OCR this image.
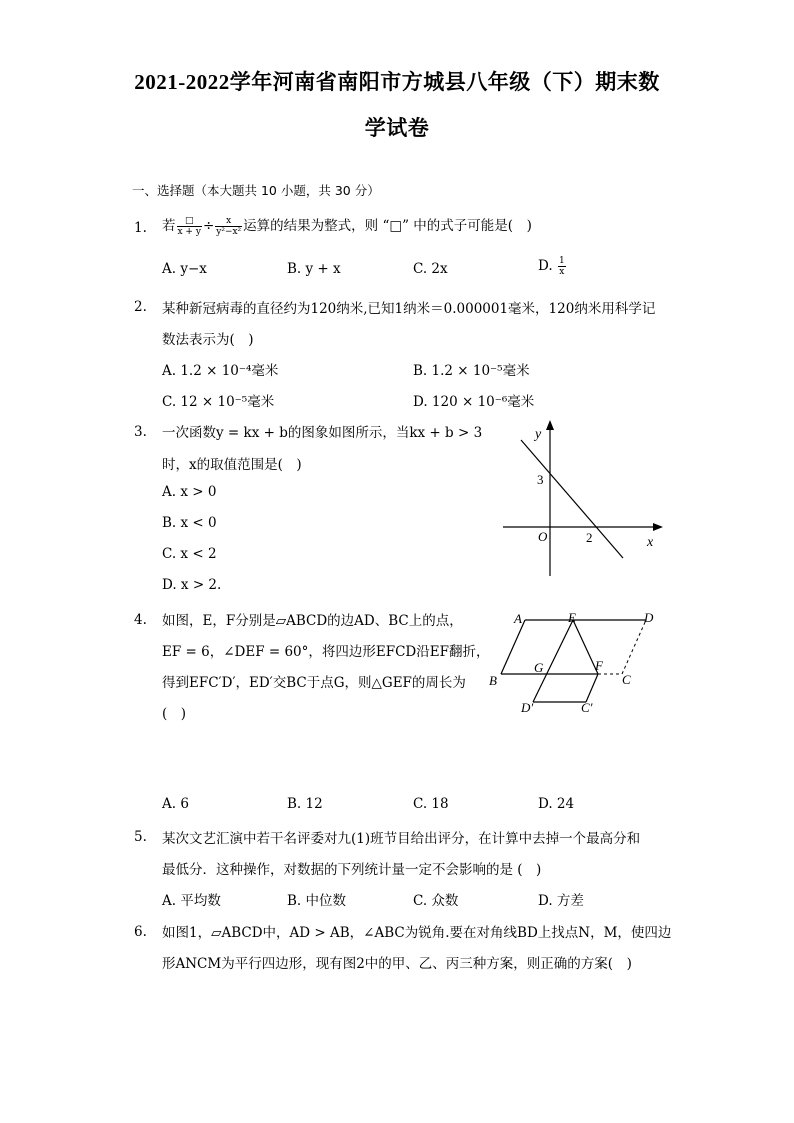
2021-2022学年河南省南阳市方城县八年级（下）期末数
学试卷
一、选择题（本大题共 10 小题，共 30 分）
1. 若 $\frac{□}{x + y} \div \frac{x}{\text{y²−x²}}$ 运算的结果为整式，则 “□” 中的式子可能是(　)
A. y−x	B. y + x	C. 2x	D. $\frac{1}{x}$
2. 某种新冠病毒的直径约为120纳米,已知1纳米＝0.000001毫米，120纳米用科学记
数法表示为(　)
A. 1.2 × 10⁻⁴毫米	B. 1.2 × 10⁻⁵毫米
C. 12 × 10⁻⁵毫米	D. 120 × 10⁻⁶毫米
3. 一次函数y = kx + b的图象如图所示，当kx + b > 3
时，x的取值范围是(　)
A. x > 0
B. x < 0
C. x < 2
D. x > 2.
y
x
O
3
2
4. 如图，E，F分别是▱ABCD的边AD、BC上的点，
EF = 6，∠DEF = 60°，将四边形EFCD沿EF翻折，
得到EFC′D′，ED′交BC于点G，则△GEF的周长为
(　)
A	E	D
G	F
B	C
D′	C′
A. 6	B. 12	C. 18	D. 24
5. 某次文艺汇演中若干名评委对九(1)班节目给出评分，在计算中去掉一个最高分和
最低分．这种操作，对数据的下列统计量一定不会影响的是 (　)
A. 平均数	B. 中位数	C. 众数	D. 方差
6. 如图1，▱ABCD中，AD > AB，∠ABC为锐角.要在对角线BD上找点N，M，使四边
形ANCM为平行四边形，现有图2中的甲、乙、丙三种方案，则正确的方案(　)
